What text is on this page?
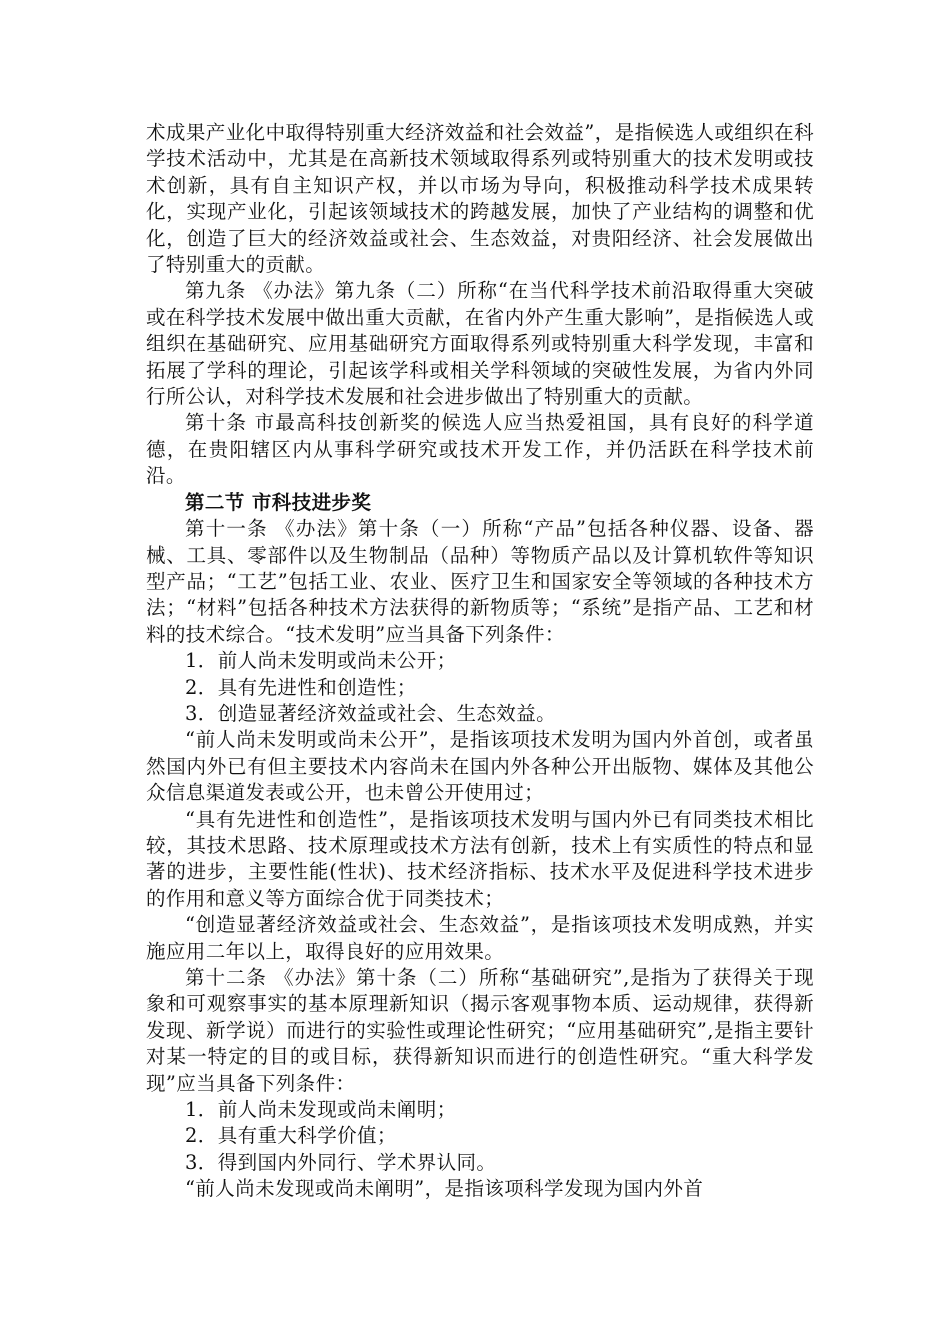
术成果产业化中取得特别重大经济效益和社会效益”，是指候选人或组织在科学技术活动中，尤其是在高新技术领域取得系列或特别重大的技术发明或技术创新，具有自主知识产权，并以市场为导向，积极推动科学技术成果转化，实现产业化，引起该领域技术的跨越发展，加快了产业结构的调整和优化，创造了巨大的经济效益或社会、生态效益，对贵阳经济、社会发展做出了特别重大的贡献。

第九条 《办法》第九条（二）所称“在当代科学技术前沿取得重大突破或在科学技术发展中做出重大贡献，在省内外产生重大影响”，是指候选人或组织在基础研究、应用基础研究方面取得系列或特别重大科学发现，丰富和拓展了学科的理论，引起该学科或相关学科领域的突破性发展，为省内外同行所公认，对科学技术发展和社会进步做出了特别重大的贡献。

第十条 市最高科技创新奖的候选人应当热爱祖国，具有良好的科学道德，在贵阳辖区内从事科学研究或技术开发工作，并仍活跃在科学技术前沿。

第二节 市科技进步奖

第十一条 《办法》第十条（一）所称“产品”包括各种仪器、设备、器械、工具、零部件以及生物制品（品种）等物质产品以及计算机软件等知识型产品；“工艺”包括工业、农业、医疗卫生和国家安全等领域的各种技术方法；“材料”包括各种技术方法获得的新物质等；“系统”是指产品、工艺和材料的技术综合。“技术发明”应当具备下列条件：

1．前人尚未发明或尚未公开；

2．具有先进性和创造性；

3．创造显著经济效益或社会、生态效益。

“前人尚未发明或尚未公开”，是指该项技术发明为国内外首创，或者虽然国内外已有但主要技术内容尚未在国内外各种公开出版物、媒体及其他公众信息渠道发表或公开，也未曾公开使用过；

“具有先进性和创造性”，是指该项技术发明与国内外已有同类技术相比较，其技术思路、技术原理或技术方法有创新，技术上有实质性的特点和显著的进步，主要性能(性状)、技术经济指标、技术水平及促进科学技术进步的作用和意义等方面综合优于同类技术；

“创造显著经济效益或社会、生态效益”，是指该项技术发明成熟，并实施应用二年以上，取得良好的应用效果。

第十二条 《办法》第十条（二）所称“基础研究”,是指为了获得关于现象和可观察事实的基本原理新知识（揭示客观事物本质、运动规律，获得新发现、新学说）而进行的实验性或理论性研究；“应用基础研究”,是指主要针对某一特定的目的或目标，获得新知识而进行的创造性研究。“重大科学发现”应当具备下列条件：

1．前人尚未发现或尚未阐明；

2．具有重大科学价值；

3．得到国内外同行、学术界认同。

“前人尚未发现或尚未阐明”，是指该项科学发现为国内外首
